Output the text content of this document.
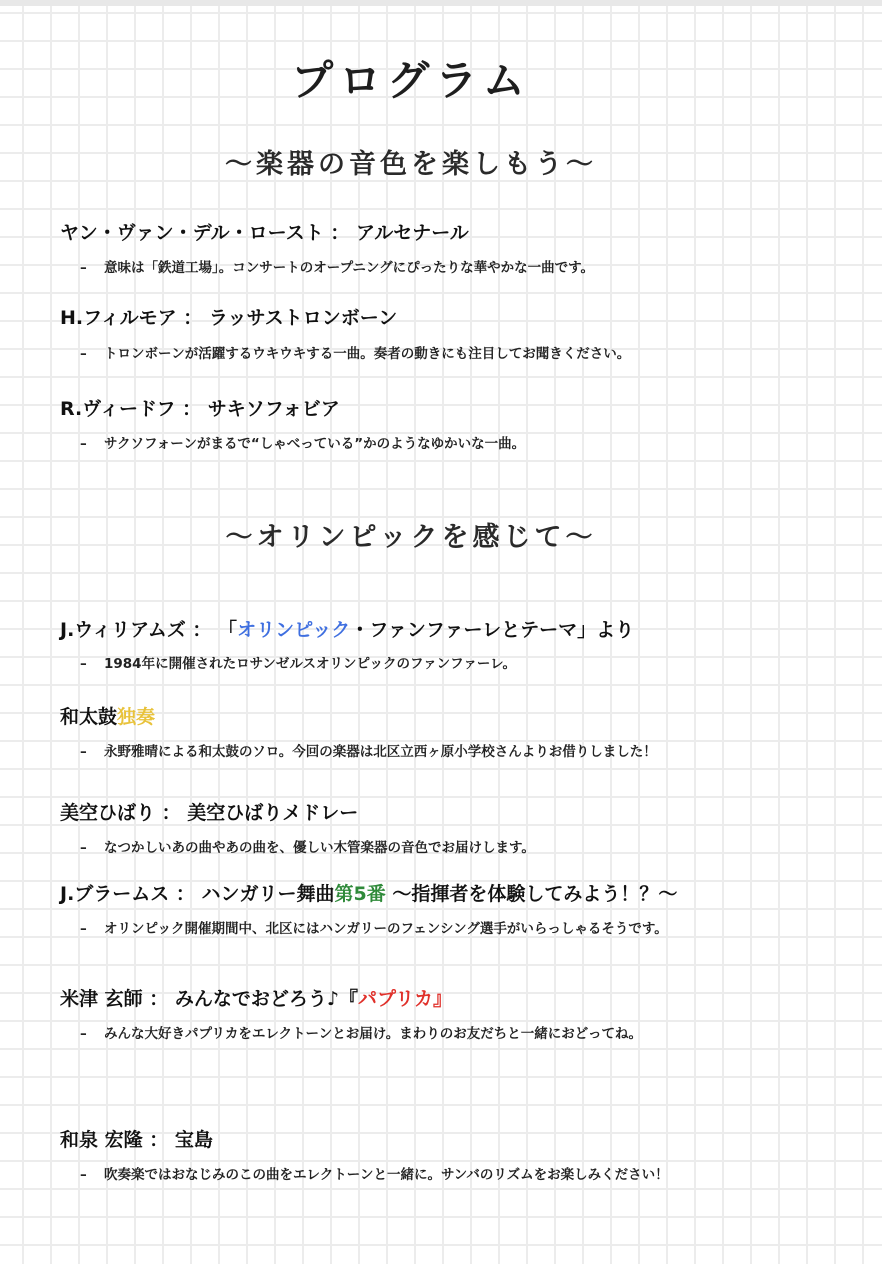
プログラム
〜楽器の音色を楽しもう〜
ヤン・ヴァン・デル・ロースト ： アルセナール
– 意味は「鉄道工場」。コンサートのオープニングにぴったりな華やかな一曲です。
H.フィルモア ： ラッサストロンボーン
– トロンボーンが活躍するウキウキする一曲。奏者の動きにも注目してお聞きください。
R.ヴィードフ ： サキソフォビア
– サクソフォーンがまるで“しゃべっている”かのようなゆかいな一曲。
〜オリンピックを感じて〜
J.ウィリアムズ ： 「オリンピック・ファンファーレとテーマ」より
– 1984年に開催されたロサンゼルスオリンピックのファンファーレ。
和太鼓独奏
– 永野雅晴による和太鼓のソロ。今回の楽器は北区立西ヶ原小学校さんよりお借りしました！
美空ひばり ： 美空ひばりメドレー
– なつかしいあの曲やあの曲を、優しい木管楽器の音色でお届けします。
J.ブラームス ： ハンガリー舞曲第5番 〜指揮者を体験してみよう！？〜
– オリンピック開催期間中、北区にはハンガリーのフェンシング選手がいらっしゃるそうです。
米津 玄師 ： みんなでおどろう♪『パプリカ』
– みんな大好きパプリカをエレクトーンとお届け。まわりのお友だちと一緒におどってね。
和泉 宏隆 ： 宝島
– 吹奏楽ではおなじみのこの曲をエレクトーンと一緒に。サンバのリズムをお楽しみください！
